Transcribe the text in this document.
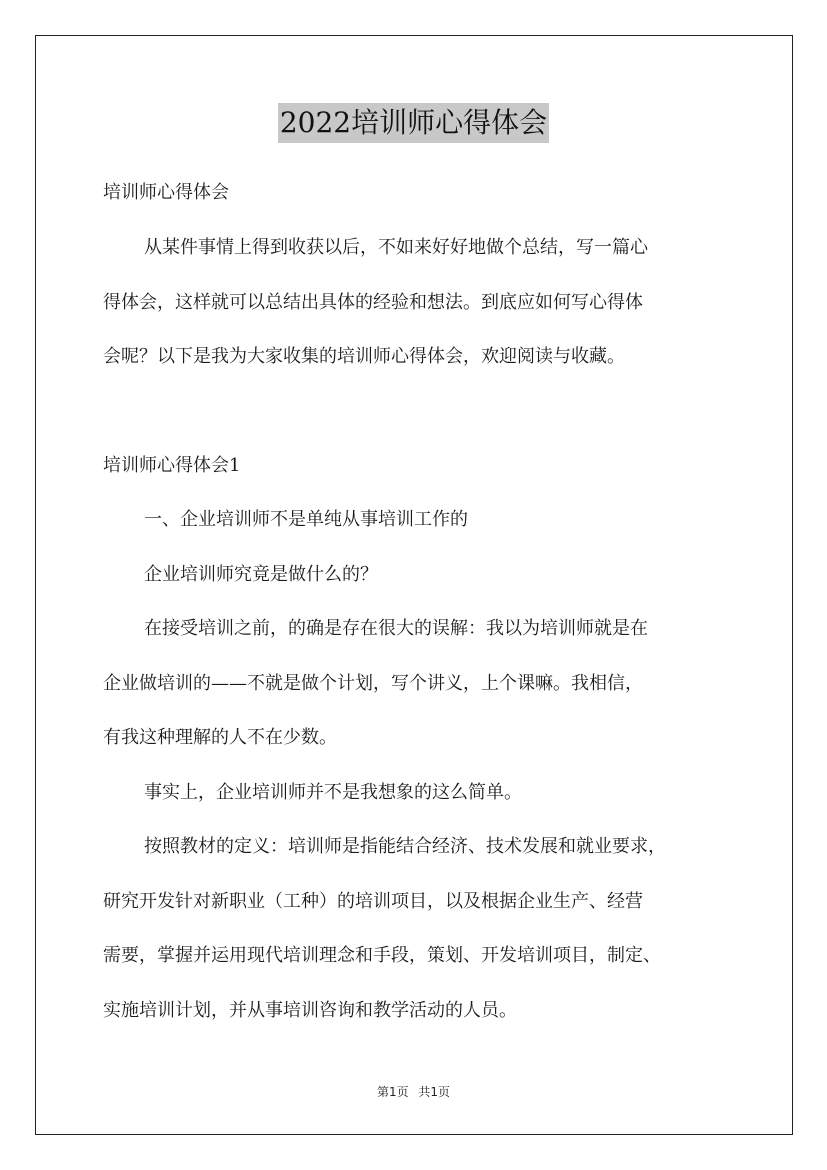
2022培训师心得体会
培训师心得体会
从某件事情上得到收获以后，不如来好好地做个总结，写一篇心
得体会，这样就可以总结出具体的经验和想法。到底应如何写心得体
会呢？以下是我为大家收集的培训师心得体会，欢迎阅读与收藏。
培训师心得体会1
一、企业培训师不是单纯从事培训工作的
企业培训师究竟是做什么的？
在接受培训之前，的确是存在很大的误解：我以为培训师就是在
企业做培训的——不就是做个计划，写个讲义，上个课嘛。我相信，
有我这种理解的人不在少数。
事实上，企业培训师并不是我想象的这么简单。
按照教材的定义：培训师是指能结合经济、技术发展和就业要求，
研究开发针对新职业（工种）的培训项目，以及根据企业生产、经营
需要，掌握并运用现代培训理念和手段，策划、开发培训项目，制定、
实施培训计划，并从事培训咨询和教学活动的人员。
第1页 共1页
